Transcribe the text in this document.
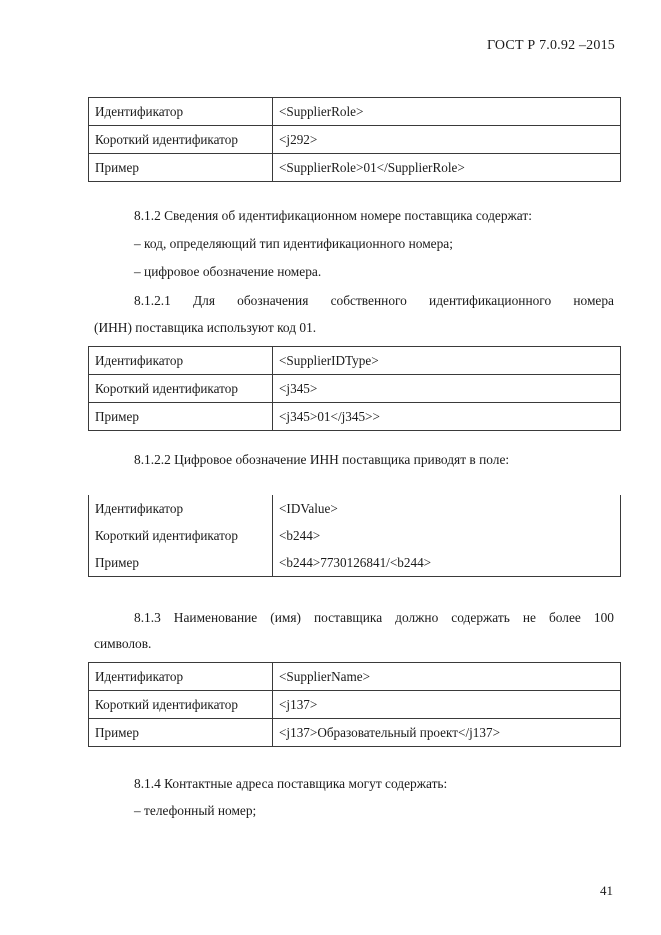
ГОСТ Р 7.0.92 –2015
Идентификатор	<SupplierRole>
Короткий идентификатор	<j292>
Пример	<SupplierRole>01</SupplierRole>
8.1.2 Сведения об идентификационном номере поставщика содержат:
– код, определяющий тип идентификационного номера;
– цифровое обозначение номера.
8.1.2.1 Для обозначения собственного идентификационного номера
(ИНН) поставщика используют код 01.
Идентификатор	<SupplierIDType>
Короткий идентификатор	<j345>
Пример	<j345>01</j345>>
8.1.2.2 Цифровое обозначение ИНН поставщика приводят в поле:
Идентификатор	<IDValue>
Короткий идентификатор	<b244>
Пример	<b244>7730126841/<b244>
8.1.3 Наименование (имя) поставщика должно содержать не более 100
символов.
Идентификатор	<SupplierName>
Короткий идентификатор	<j137>
Пример	<j137>Образовательный проект</j137>
8.1.4 Контактные адреса поставщика могут содержать:
– телефонный номер;
41
